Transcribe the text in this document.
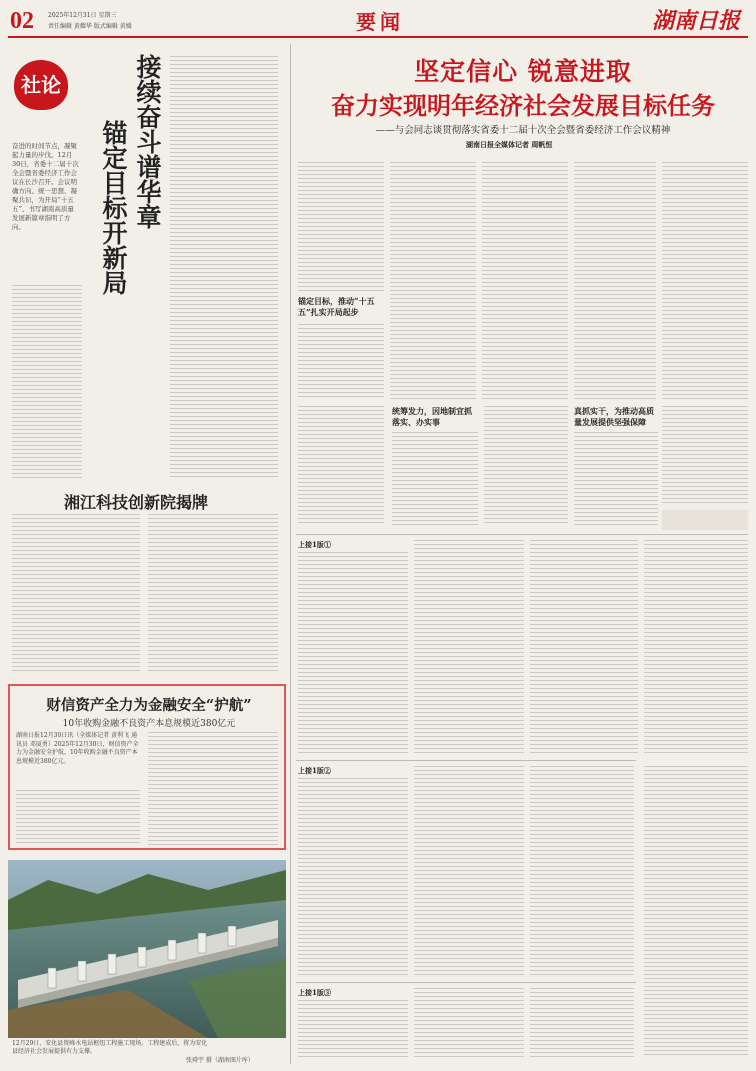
02 2025年12月31日 星期三
责任编辑 黄耀华 版式编辑 黄媛	要闻	湖南日报
社论	接续奋斗谱华章
锚定目标开新局
奋进的时间节点，凝聚起力量的步伐。12月30日，省委十二届十次全会暨省委经济工作会议在长沙召开。会议明确方向、统一思想、凝聚共识，为开局“十五五”、书写湖南高质量发展新篇章指明了方向。
湘江科技创新院揭牌
财信资产全力为金融安全“护航”
10年收购金融不良资产本息规模近380亿元
湖南日报12月30日讯（全媒体记者 黄利飞 通讯员 邓厦勇）2025年12月30日，财信资产全力为金融安全护航，10年收购金融不良资产本息规模近380亿元。
12月29日，安化县资峰水电站枢纽工程施工现场。工程建成后，将为安化县经济社会发展提供有力支撑。
张舜宇 摄（湖南图片库）
坚定信心 锐意进取
奋力实现明年经济社会发展目标任务
——与会同志谈贯彻落实省委十二届十次全会暨省委经济工作会议精神
湖南日报全媒体记者 周帆恒
锚定目标，推动“十五五”扎实开局起步
统筹发力，因地制宜抓落实、办实事
真抓实干，为推动高质量发展提供坚强保障
上接1版①
上接1版②
上接1版③
